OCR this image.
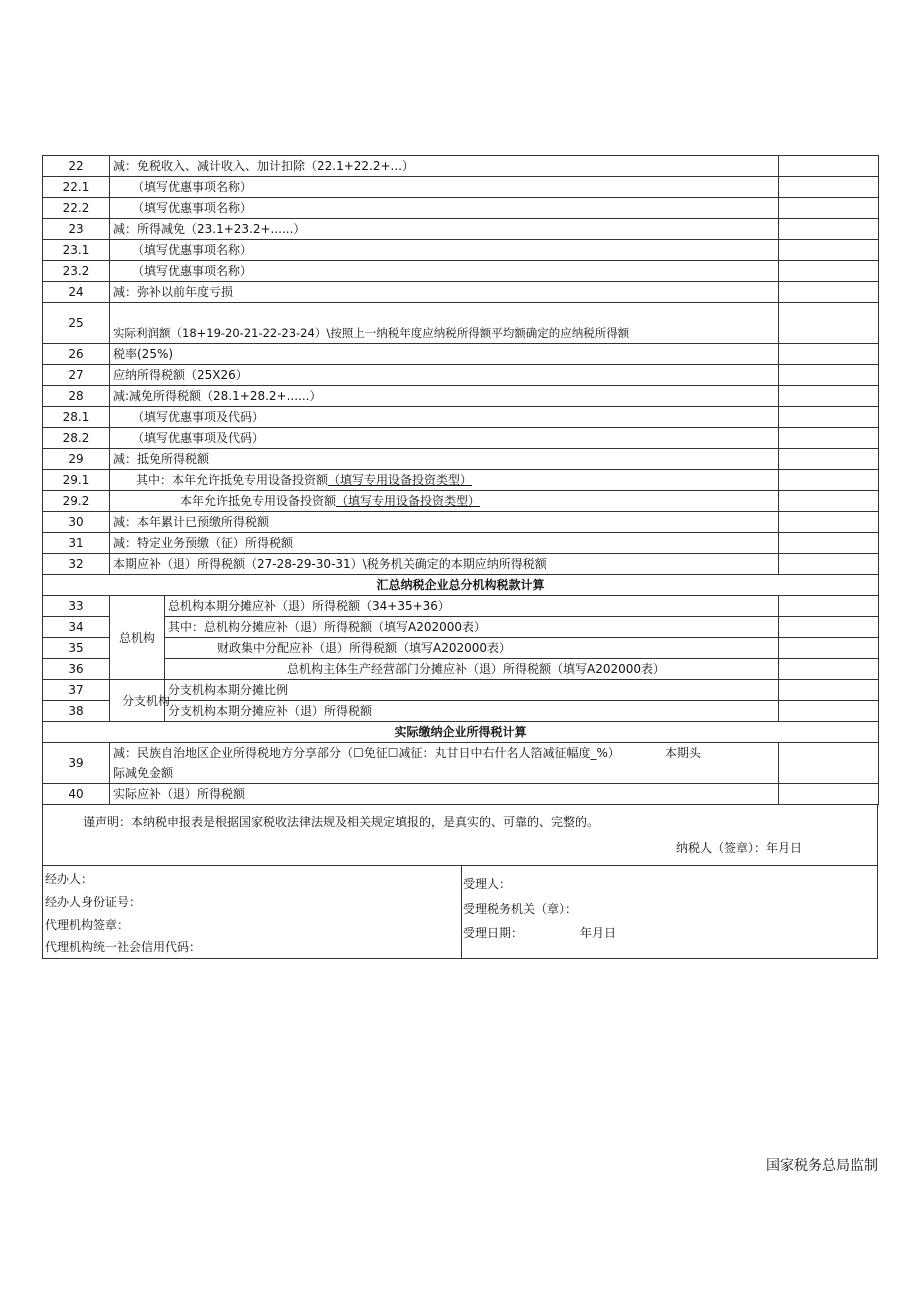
22	减：免税收入、减计收入、加计扣除（22.1+22.2+...）		
22.1	（填写优惠事项名称）		
22.2	（填写优惠事项名称）		
23	减：所得减免（23.1+23.2+......）		
23.1	（填写优惠事项名称）		
23.2	（填写优惠事项名称）		
24	减：弥补以前年度亏损		
25	实际利润额（18+19-20-21-22-23-24）\按照上一纳税年度应纳税所得额平均额确定的应纳税所得额		
26	税率(25%)		
27	应纳所得税额（25X26）		
28	减:减免所得税额（28.1+28.2+......）		
28.1	（填写优惠事项及代码）		
28.2	（填写优惠事项及代码）		
29	减：抵免所得税额		
29.1	其中：本年允许抵免专用设备投资额（填写专用设备投资类型）		
29.2	本年允许抵免专用设备投资额（填写专用设备投资类型）		
30	减：本年累计已预缴所得税额		
31	减：特定业务预缴（征）所得税额		
32	本期应补（退）所得税额（27-28-29-30-31）\税务机关确定的本期应纳所得税额		
汇总纳税企业总分机构税款计算			
33	总机构	总机构本期分摊应补（退）所得税额（34+35+36）	
34		其中：总机构分摊应补（退）所得税额（填写A202000表）	
35		财政集中分配应补（退）所得税额（填写A202000表）	
36		总机构主体生产经营部门分摊应补（退）所得税额（填写A202000表）	
37	分支机构	分支机构本期分摊比例	
38		分支机构本期分摊应补（退）所得税额	
实际缴纳企业所得税计算			
39	减：民族自治地区企业所得税地方分享部分（☐免征☐减征：丸甘日中右什名人箔减征幅度_%） 本期头
际减免金额		
40	实际应补（退）所得税额		
谨声明：本纳税申报表是根据国家税收法律法规及相关规定填报的，是真实的、可靠的、完整的。
纳税人（签章）：年月日
经办人：
经办人身份证号：
代理机构签章：
代理机构统一社会信用代码：
受理人：
受理税务机关（章）：
受理日期：	年月日
国家税务总局监制
